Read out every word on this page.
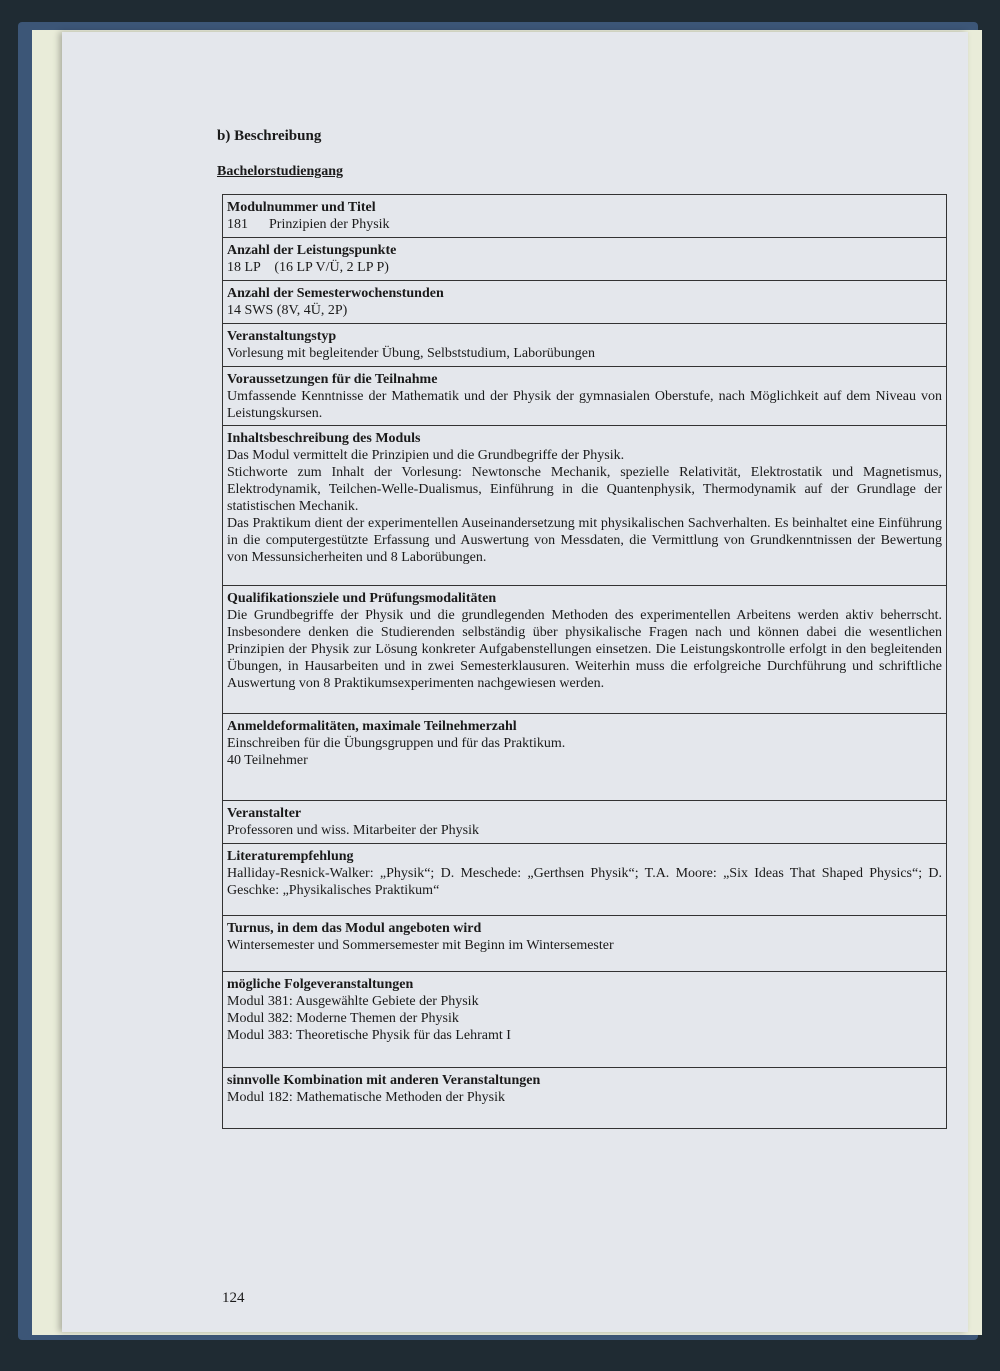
b) Beschreibung
Bachelorstudiengang
Modulnummer und Titel
181 Prinzipien der Physik
Anzahl der Leistungspunkte
18 LP    (16 LP V/Ü, 2 LP P)
Anzahl der Semesterwochenstunden
14 SWS (8V, 4Ü, 2P)
Veranstaltungstyp
Vorlesung mit begleitender Übung, Selbststudium, Laborübungen
Voraussetzungen für die Teilnahme
Umfassende Kenntnisse der Mathematik und der Physik der gymnasialen Oberstufe, nach Möglichkeit auf dem Niveau von Leistungskursen.
Inhaltsbeschreibung des Moduls
Das Modul vermittelt die Prinzipien und die Grundbegriffe der Physik.
Stichworte zum Inhalt der Vorlesung: Newtonsche Mechanik, spezielle Relativität, Elektrostatik und Magnetismus, Elektrodynamik, Teilchen-Welle-Dualismus, Einführung in die Quantenphysik, Thermodynamik auf der Grundlage der statistischen Mechanik.
Das Praktikum dient der experimentellen Auseinandersetzung mit physikalischen Sachverhalten. Es beinhaltet eine Einführung in die computergestützte Erfassung und Auswertung von Messdaten, die Vermittlung von Grundkenntnissen der Bewertung von Messunsicherheiten und 8 Laborübungen.
Qualifikationsziele und Prüfungsmodalitäten
Die Grundbegriffe der Physik und die grundlegenden Methoden des experimentellen Arbeitens werden aktiv beherrscht. Insbesondere denken die Studierenden selbständig über physikalische Fragen nach und können dabei die wesentlichen Prinzipien der Physik zur Lösung konkreter Aufgabenstellungen einsetzen. Die Leistungskontrolle erfolgt in den begleitenden Übungen, in Hausarbeiten und in zwei Semesterklausuren. Weiterhin muss die erfolgreiche Durchführung und schriftliche Auswertung von 8 Praktikumsexperimenten nachgewiesen werden.
Anmeldeformalitäten, maximale Teilnehmerzahl
Einschreiben für die Übungsgruppen und für das Praktikum.
40 Teilnehmer
Veranstalter
Professoren und wiss. Mitarbeiter der Physik
Literaturempfehlung
Halliday-Resnick-Walker: „Physik“; D. Meschede: „Gerthsen Physik“; T.A. Moore: „Six Ideas That Shaped Physics“; D. Geschke: „Physikalisches Praktikum“
Turnus, in dem das Modul angeboten wird
Wintersemester und Sommersemester mit Beginn im Wintersemester
mögliche Folgeveranstaltungen
Modul 381: Ausgewählte Gebiete der Physik
Modul 382: Moderne Themen der Physik
Modul 383: Theoretische Physik für das Lehramt I
sinnvolle Kombination mit anderen Veranstaltungen
Modul 182: Mathematische Methoden der Physik
124
